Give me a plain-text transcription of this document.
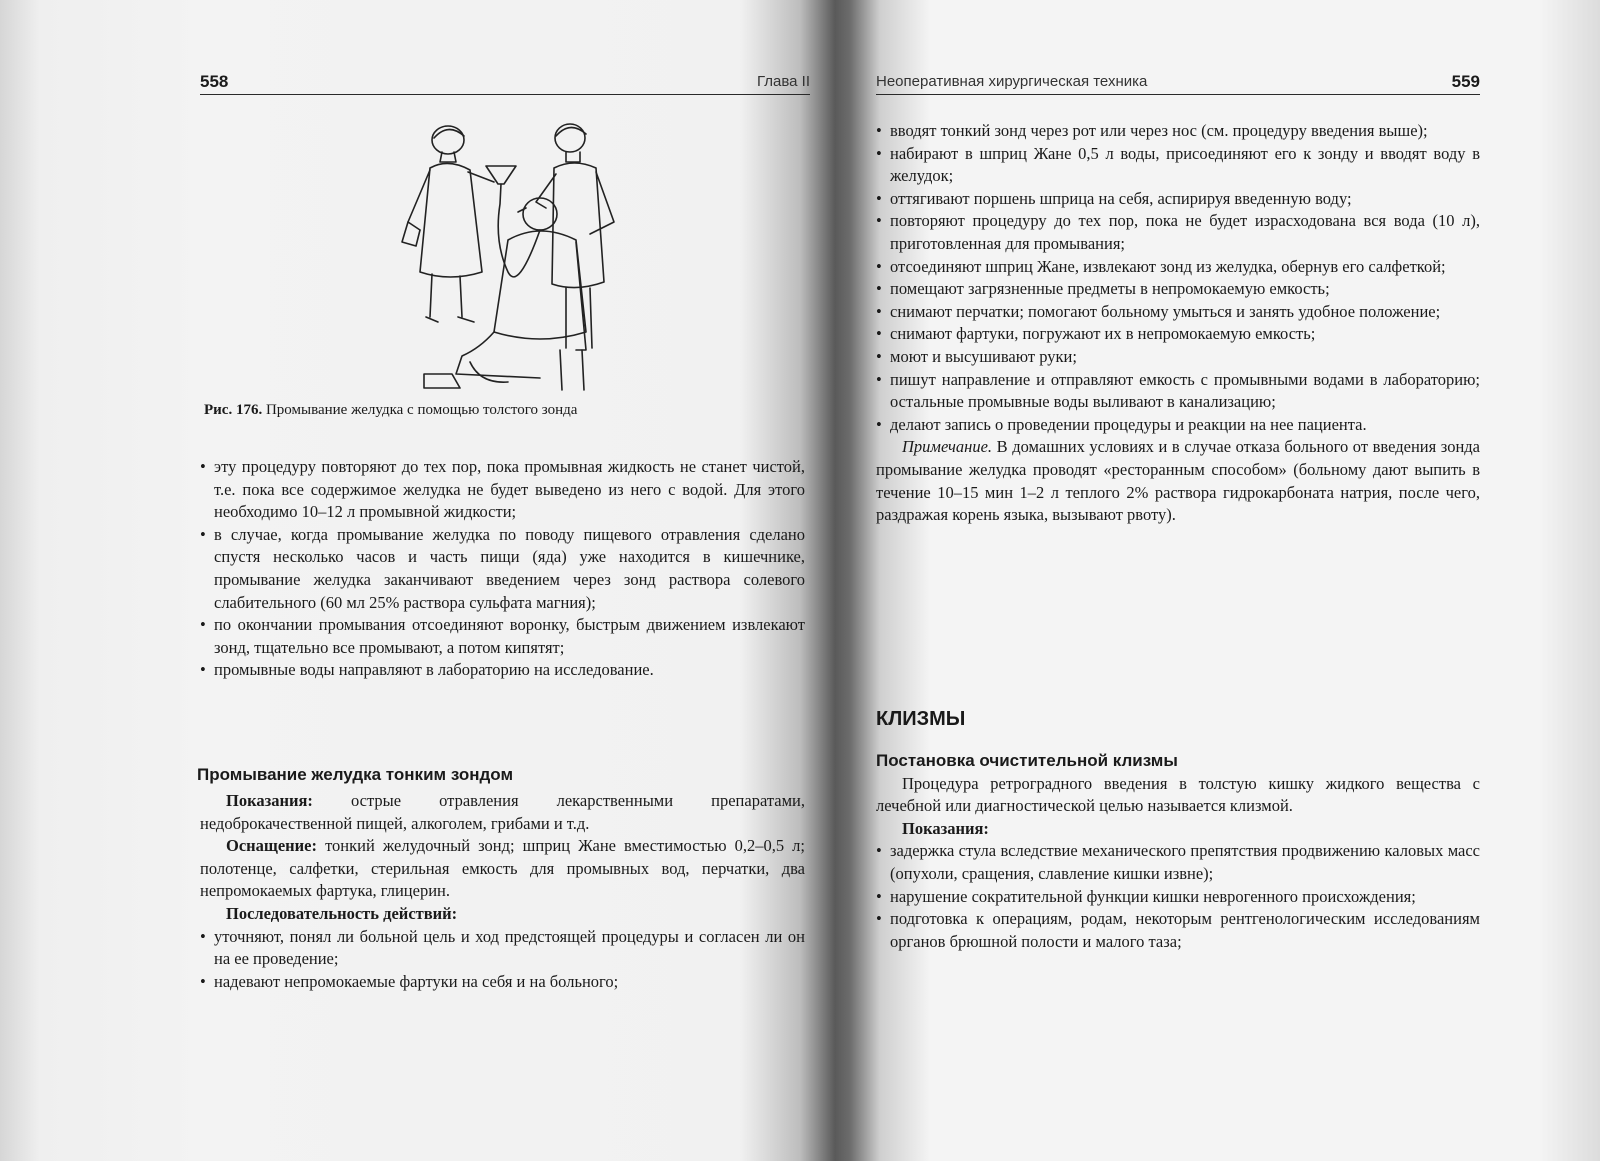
558	Глава II
Рис. 176. Промывание желудка с помощью толстого зонда
• эту процедуру повторяют до тех пор, пока промывная жидкость не станет чистой, т.е. пока все содержимое желудка не будет выведено из него с водой. Для этого необходимо 10–12 л промывной жидкости;
• в случае, когда промывание желудка по поводу пищевого отравления сделано спустя несколько часов и часть пищи (яда) уже находится в кишечнике, промывание желудка заканчивают введением через зонд раствора солевого слабительного (60 мл 25% раствора сульфата магния);
• по окончании промывания отсоединяют воронку, быстрым движением извлекают зонд, тщательно все промывают, а потом кипятят;
• промывные воды направляют в лабораторию на исследование.

Промывание желудка тонким зондом

Показания: острые отравления лекарственными препаратами, недоброкачественной пищей, алкоголем, грибами и т.д.

Оснащение: тонкий желудочный зонд; шприц Жане вместимостью 0,2–0,5 л; полотенце, салфетки, стерильная емкость для промывных вод, перчатки, два непромокаемых фартука, глицерин.

Последовательность действий:

• уточняют, понял ли больной цель и ход предстоящей процедуры и согласен ли он на ее проведение;
• надевают непромокаемые фартуки на себя и на больного;
Неоперативная хирургическая техника	559
• вводят тонкий зонд через рот или через нос (см. процедуру введения выше);
• набирают в шприц Жане 0,5 л воды, присоединяют его к зонду и вводят воду в желудок;
• оттягивают поршень шприца на себя, аспирируя введенную воду;
• повторяют процедуру до тех пор, пока не будет израсходована вся вода (10 л), приготовленная для промывания;
• отсоединяют шприц Жане, извлекают зонд из желудка, обернув его салфеткой;
• помещают загрязненные предметы в непромокаемую емкость;
• снимают перчатки; помогают больному умыться и занять удобное положение;
• снимают фартуки, погружают их в непромокаемую емкость;
• моют и высушивают руки;
• пишут направление и отправляют емкость с промывными водами в лабораторию; остальные промывные воды выливают в канализацию;
• делают запись о проведении процедуры и реакции на нее пациента.

Примечание. В домашних условиях и в случае отказа больного от введения зонда промывание желудка проводят «ресторанным способом» (больному дают выпить в течение 10–15 мин 1–2 л теплого 2% раствора гидрокарбоната натрия, после чего, раздражая корень языка, вызывают рвоту).

КЛИЗМЫ

Постановка очистительной клизмы

Процедура ретроградного введения в толстую кишку жидкого вещества с лечебной или диагностической целью называется клизмой.

Показания:

• задержка стула вследствие механического препятствия продвижению каловых масс (опухоли, сращения, славление кишки извне);
• нарушение сократительной функции кишки неврогенного происхождения;
• подготовка к операциям, родам, некоторым рентгенологическим исследованиям органов брюшной полости и малого таза;
